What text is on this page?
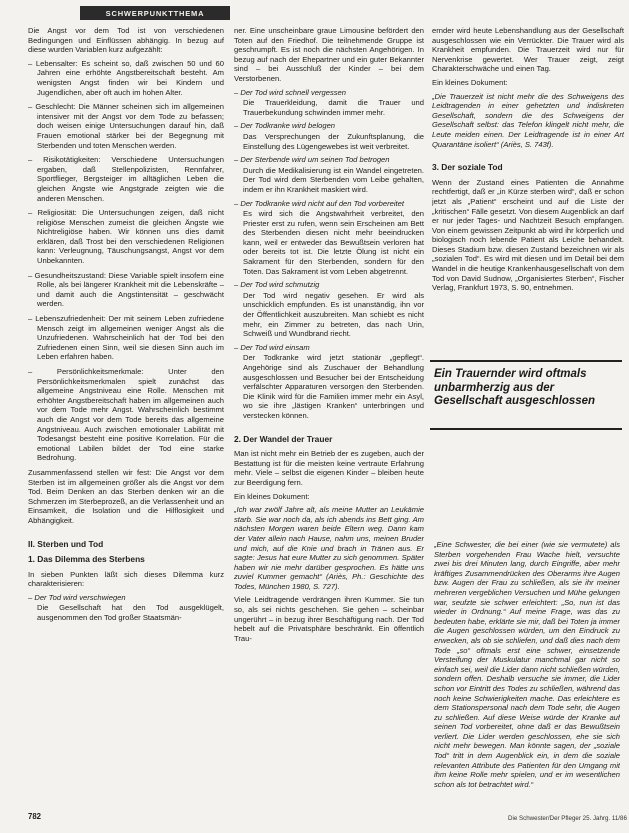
SCHWERPUNKTTHEMA

Die Angst vor dem Tod ist von verschiedenen Bedingungen und Einflüssen abhängig. In bezug auf diese wurden Variablen kurz aufgezählt:

– Lebensalter: Es scheint so, daß zwischen 50 und 60 Jahren eine erhöhte Angstbereitschaft besteht. Am wenigsten Angst finden wir bei Kindern und Jugendlichen, aber oft auch im hohen Alter.

– Geschlecht: Die Männer scheinen sich im allgemeinen intensiver mit der Angst vor dem Tode zu befassen; doch weisen einige Untersuchungen darauf hin, daß Frauen emotional stärker bei der Begegnung mit Sterbenden und toten Menschen werden.

– Risikotätigkeiten: Verschiedene Untersuchungen ergaben, daß Stellenpolizisten, Rennfahrer, Sportflieger, Bergsteiger im alltäglichen Leben die gleichen Ängste wie Angstgrade zeigten wie die anderen Menschen.

– Religiosität: Die Untersuchungen zeigen, daß nicht religiöse Menschen zumeist die gleichen Ängste wie Nichtreligiöse haben. Wir können uns dies damit erklären, daß Trost bei den verschiedenen Religionen kann: Verleugnung, Täuschungsangst, Angst vor dem Unbekannten.

– Gesundheitszustand: Diese Variable spielt insofern eine Rolle, als bei längerer Krankheit mit die Lebenskräfte – und damit auch die Angstintensität – geschwächt werden.

– Lebenszufriedenheit: Der mit seinem Leben zufriedene Mensch zeigt im allgemeinen weniger Angst als die Unzufriedenen. Wahrscheinlich hat der Tod bei den Zufriedenen einen Sinn, weil sie diesen Sinn auch im Leben erfahren haben.

– Persönlichkeitsmerkmale: Unter den Persönlichkeitsmerkmalen spielt zunächst das allgemeine Angstniveau eine Rolle. Menschen mit erhöhter Angstbereitschaft haben im allgemeinen auch vor dem Tode mehr Angst. Wahrscheinlich bestimmt auch die Angst vor dem Tode bereits das allgemeine Angstniveau. Auch zwischen emotionaler Labilität mit Todesangst besteht eine positive Korrelation. Für die emotional Labilen bildet der Tod eine starke Bedrohung.

Zusammenfassend stellen wir fest: Die Angst vor dem Sterben ist im allgemeinen größer als die Angst vor dem Tod. Beim Denken an das Sterben denken wir an die Schmerzen im Sterbeprozeß, an die Verlassenheit und an Einsamkeit, die Isolation und die Hilflosigkeit und Abhängigkeit.

II. Sterben und Tod
1. Das Dilemma des Sterbens

In sieben Punkten läßt sich dieses Dilemma kurz charakterisieren:

– Der Tod wird verschwiegen

Die Gesellschaft hat den Tod ausgeklügelt, ausgenommen den Tod großer Staatsmän-

ner. Eine unscheinbare graue Limousine befördert den Toten auf den Friedhof. Die teilnehmende Gruppe ist geschrumpft. Es ist noch die nächsten Angehörigen. In bezug auf nach der Ehepartner und ein guter Bekannter sind – bei Ausschluß der Kinder – bei dem Verstorbenen.

– Der Tod wird schnell vergessen

Die Trauerkleidung, damit die Trauer und Trauerbekundung schwinden immer mehr.

– Der Todkranke wird belogen

Das Versprechungen der Zukunftsplanung, die Einstellung des Lügengewebes ist weit verbreitet.

– Der Sterbende wird um seinen Tod betrogen

Durch die Medikalisierung ist ein Wandel eingetreten. Der Tod wird dem Sterbenden vom Leibe gehalten, indem er ihn Krankheit maskiert wird.

– Der Todkranke wird nicht auf den Tod vorbereitet

Es wird sich die Angstwahrheit verbreitet, den Priester erst zu rufen, wenn sein Erscheinen am Bett des Sterbenden diesen nicht mehr beeindrucken kann, weil er entweder das Bewußtsein verloren hat oder bereits tot ist. Die letzte Ölung ist nicht ein Sakrament für den Sterbenden, sondern für den Toten. Das Sakrament ist vom Leben abgetrennt.

– Der Tod wird schmutzig

Der Tod wird negativ gesehen. Er wird als unschicklich empfunden. Es ist unanständig, ihn vor der Öffentlichkeit auszubreiten. Man schiebt es nicht mehr, ein Zimmer zu betreten, das nach Urin, Schweiß und Wundbrand riecht.

– Der Tod wird einsam

Der Todkranke wird jetzt stationär „gepflegt“. Angehörige sind als Zuschauer der Behandlung ausgeschlossen und Besucher bei der Entscheidung verfälschter Apparaturen versorgen den Sterbenden. Die Klinik wird für die Familien immer mehr ein Asyl, wo sie ihre „lästigen Kranken“ unterbringen und verstecken können.

2. Der Wandel der Trauer

Man ist nicht mehr ein Betrieb der es zugeben, auch der Bestattung ist für die meisten keine vertraute Erfahrung mehr. Viele – selbst die eigenen Kinder – bleiben heute zur Beerdigung fern.

Ein kleines Dokument:

„Ich war zwölf Jahre alt, als meine Mutter an Leukämie starb. Sie war noch da, als ich abends ins Bett ging. Am nächsten Morgen waren beide Eltern weg. Dann kam der Vater allein nach Hause, nahm uns, meinen Bruder und mich, auf die Knie und brach in Tränen aus. Er sagte: Jesus hat eure Mutter zu sich genommen. Später haben wir nie mehr darüber gesprochen. Es hätte uns zuviel Kummer gemacht“ (Ariès, Ph.: Geschichte des Todes, München 1980, S. 727).

Viele Leidtragende verdrängen ihren Kummer. Sie tun so, als sei nichts geschehen. Sie gehen – scheinbar ungerührt – in bezug ihrer Beschäftigung nach. Der Tod hebelt auf die Privatsphäre beschränkt. Ein öffentlich Trau-

ernder wird heute Lebenshandlung aus der Gesellschaft ausgeschlossen wie ein Verrückter. Die Trauer wird als Krankheit empfunden. Die Trauerzeit wird nur für Nervenkrise gewertet. Wer Trauer zeigt, zeigt Charakterschwäche und einen Tag.

Ein kleines Dokument:

„Die Trauerzeit ist nicht mehr die des Schweigens des Leidtragenden in einer gehetzten und indiskreten Gesellschaft, sondern die des Schweigens der Gesellschaft selbst: das Telefon klingelt nicht mehr, die Leute meiden einen. Der Leidtragende ist in einer Art Quarantäne isoliert“ (Ariès, S. 743f).

3. Der soziale Tod

Wenn der Zustand eines Patienten die Annahme rechtfertigt, daß er „in Kürze sterben wird“, daß er schon jetzt als „Patient“ erscheint und auf die Liste der „kritischen“ Fälle gesetzt. Von diesem Augenblick an darf er nur jeder Tages- und Nachtzeit Besuch empfangen. Von einem gewissen Zeitpunkt ab wird ihr körperlich und biologisch noch lebende Patient als Leiche behandelt. Dieses Stadium bzw. diesen Zustand bezeichnen wir als „sozialen Tod“. Es wird mit diesen und im Detail bei dem Wandel in die heutige Krankenhausgesellschaft von dem Tod von David Sudnow, „Organisiertes Sterben“, Fischer Verlag, Frankfurt 1973, S. 90, entnehmen.

Ein Trauernder wird oftmals unbarmherzig aus der Gesellschaft ausgeschlossen

„Eine Schwester, die bei einer (wie sie vermutete) als Sterben vorgehenden Frau Wache hielt, versuchte zwei bis drei Minuten lang, durch Eingriffe, aber mehr kräftiges Zusammendrücken des Oberarms ihre Augen bzw. Augen der Frau zu schließen, als sie ihr meiner mehreren vergeblichen Versuchen und Mühe gelungen war, seufzte sie schwer erleichtert: „So, nun ist das wieder in Ordnung.“ Auf meine Frage, was das zu bedeuten habe, erklärte sie mir, daß bei Toten ja immer die Augen geschlossen würden, um den Eindruck zu erwecken, als ob sie schliefen, und daß dies nach dem Tode „so“ oftmals erst eine schwer, einsetzende Versteifung der Muskulatur manchmal gar nicht so einfach sei, weil die Lider dann nicht schließen würden, sondern offen. Deshalb versuche sie immer, die Lider schon vor Eintritt des Todes zu schließen, während das noch keine Schwierigkeiten mache. Das erleichtere es dem Stationspersonal nach dem Tode sehr, die Augen zu schließen. Auf diese Weise würde der Kranke auf seinen Tod vorbereitet, ohne daß er das Bewußtsein verliert. Die Lider werden geschlossen, ehe sie sich nicht mehr bewegen. Man könnte sagen, der „soziale Tod“ tritt in dem Augenblick ein, in dem die soziale relevanten Attribute des Patienten für den Umgang mit ihm keine Rolle mehr spielen, und er im wesentlichen schon als tot betrachtet wird.“

782	Die Schwester/Der Pfleger 25. Jahrg. 11/86
